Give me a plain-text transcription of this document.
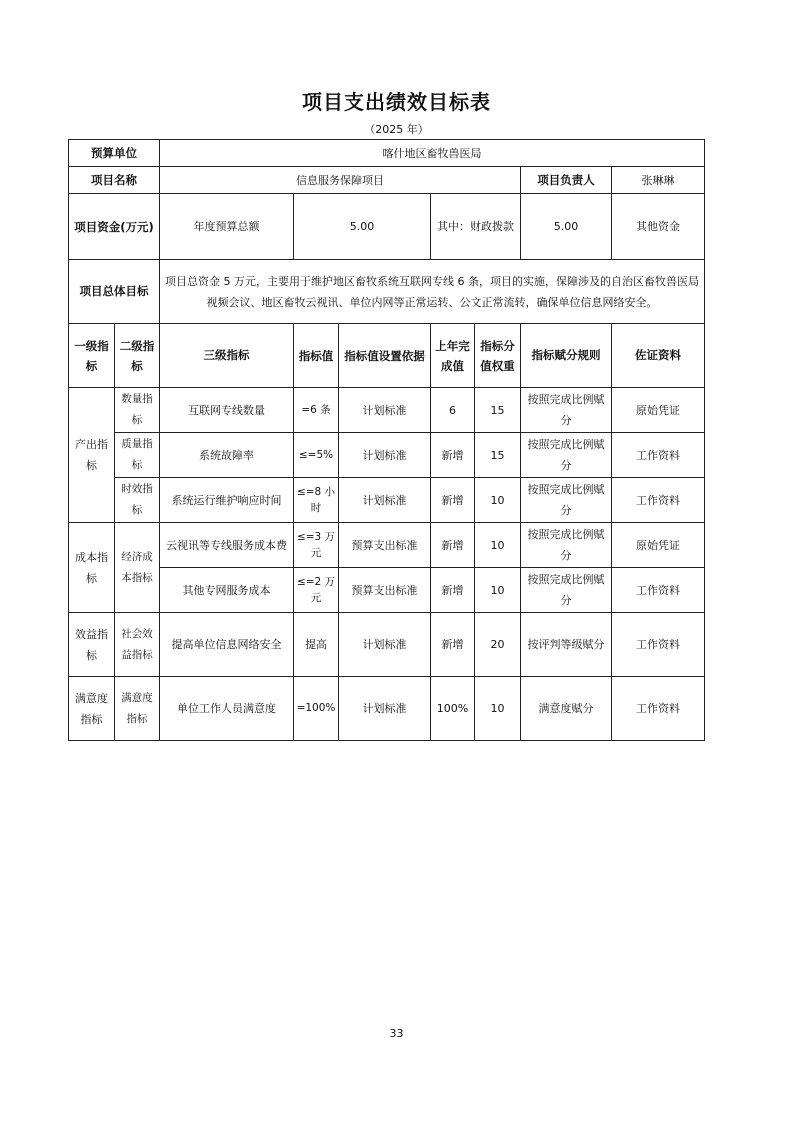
项目支出绩效目标表
（2025 年）
预算单位		喀什地区畜牧兽医局							
项目名称		信息服务保障项目					项目负责人	张琳琳	
项目资金(万元)		年度预算总额	5.00		其中：财政拨款		5.00	其他资金	
项目总体目标		项目总资金 5 万元，主要用于维护地区畜牧系统互联网专线 6 条，项目的实施，保障涉及的自治区畜牧兽医局视频会议、地区畜牧云视讯、单位内网等正常运转、公文正常流转，确保单位信息网络安全。							
一级指标	二级指标	三级指标	指标值	指标值设置依据	上年完成值	指标分值权重	指标赋分规则	佐证资料	
产出指标	数量指标	互联网专线数量	=6 条	计划标准	6	15	按照完成比例赋分	原始凭证	
	质量指标	系统故障率	≤=5%	计划标准	新增	15	按照完成比例赋分	工作资料	
	时效指标	系统运行维护响应时间	≤=8 小时	计划标准	新增	10	按照完成比例赋分	工作资料	
成本指标	经济成本指标	云视讯等专线服务成本费	≤=3 万元	预算支出标准	新增	10	按照完成比例赋分	原始凭证	
		其他专网服务成本	≤=2 万元	预算支出标准	新增	10	按照完成比例赋分	工作资料	
效益指标	社会效益指标	提高单位信息网络安全	提高	计划标准	新增	20	按评判等级赋分	工作资料	
满意度指标	满意度指标	单位工作人员满意度	=100%	计划标准	100%	10	满意度赋分	工作资料	
33
